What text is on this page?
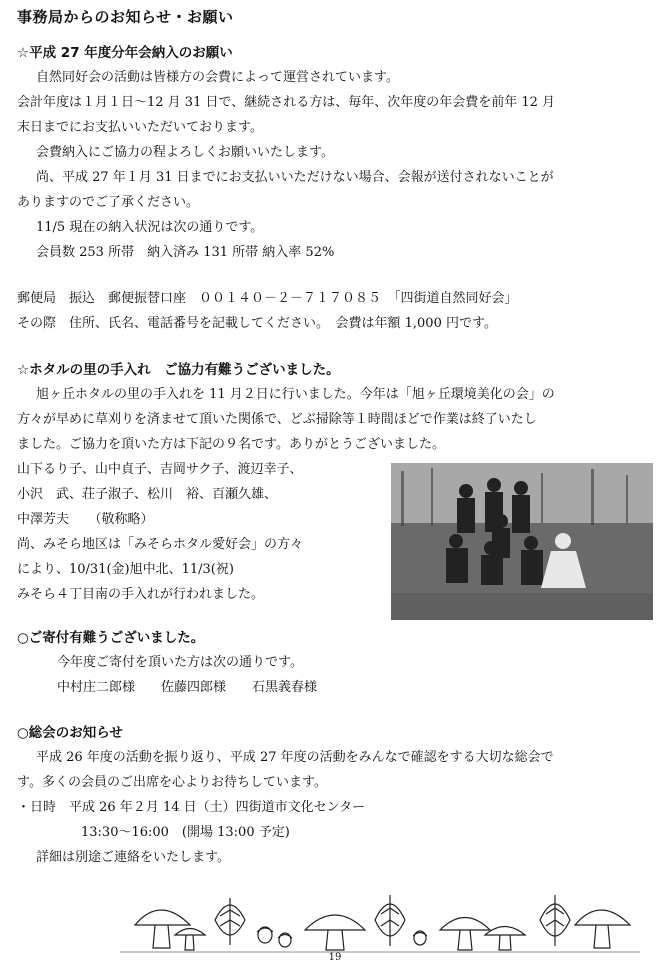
事務局からのお知らせ・お願い
☆平成 27 年度分年会納入のお願い
自然同好会の活動は皆様方の会費によって運営されています。
会計年度は１月１日〜12 月 31 日で、継続される方は、毎年、次年度の年会費を前年 12 月
末日までにお支払いいただいております。
会費納入にご協力の程よろしくお願いいたします。
尚、平成 27 年１月 31 日までにお支払いいただけない場合、会報が送付されないことが
ありますのでご了承ください。
11/5 現在の納入状況は次の通りです。
会員数 253 所帯　納入済み 131 所帯 納入率 52%
郵便局　振込　郵便振替口座　００１４０－２－７１７０８５　「四街道自然同好会」
その際　住所、氏名、電話番号を記載してください。　会費は年額 1,000 円です。
☆ホタルの里の手入れ　ご協力有難うございました。
旭ヶ丘ホタルの里の手入れを 11 月２日に行いました。今年は「旭ヶ丘環境美化の会」の
方々が早めに草刈りを済ませて頂いた関係で、どぶ掃除等１時間ほどで作業は終了いたし
ました。ご協力を頂いた方は下記の９名です。ありがとうございました。
山下るり子、山中貞子、吉岡サク子、渡辺幸子、
小沢　武、荘子淑子、松川　裕、百瀬久雄、
中澤芳夫　　（敬称略）
尚、みそら地区は「みそらホタル愛好会」の方々
により、10/31(金)旭中北、11/3(祝)
みそら４丁目南の手入れが行われました。
○ご寄付有難うございました。
今年度ご寄付を頂いた方は次の通りです。
中村庄二郎様　　佐藤四郎様　　石黒義春様
○総会のお知らせ
平成 26 年度の活動を振り返り、平成 27 年度の活動をみんなで確認をする大切な総会で
す。多くの会員のご出席を心よりお待ちしています。
・日時　平成 26 年２月 14 日（土）四街道市文化センター
13:30〜16:00　(開場 13:00 予定)
詳細は別途ご連絡をいたします。
19
